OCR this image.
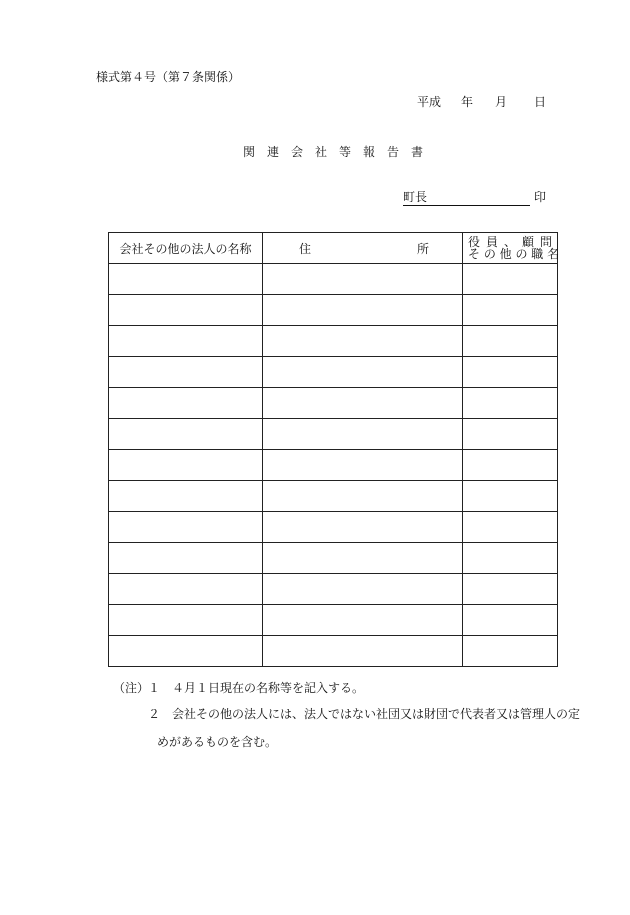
様式第４号（第７条関係）
平成 年 月 日
関　連　会　社　等　報　告　書
町長	印
会社その他の法人の名称	住　　　　　　所	役 員 、 顧 問
そ の 他 の 職 名

（注）
１ ４月１日現在の名称等を記入する。
２ 会社その他の法人には、法人ではない社団又は財団で代表者又は管理人の定
めがあるものを含む。
